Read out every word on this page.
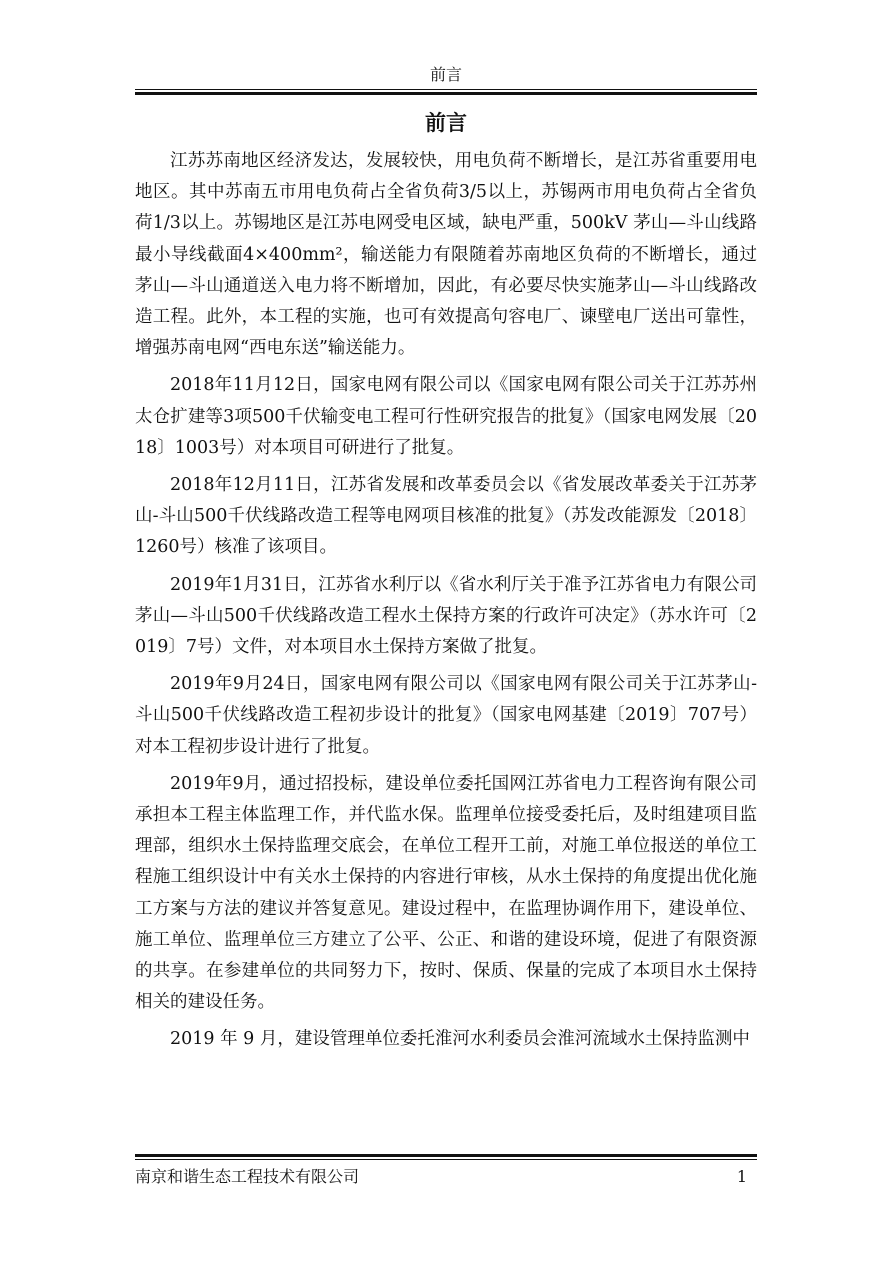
前言
前言

江苏苏南地区经济发达，发展较快，用电负荷不断增长，是江苏省重要用电地区。其中苏南五市用电负荷占全省负荷3/5以上，苏锡两市用电负荷占全省负荷1/3以上。苏锡地区是江苏电网受电区域，缺电严重，500kV 茅山—斗山线路最小导线截面4×400mm²，输送能力有限随着苏南地区负荷的不断增长，通过茅山—斗山通道送入电力将不断增加，因此，有必要尽快实施茅山—斗山线路改造工程。此外，本工程的实施，也可有效提高句容电厂、谏壁电厂送出可靠性，增强苏南电网“西电东送”输送能力。

2018年11月12日，国家电网有限公司以《国家电网有限公司关于江苏苏州太仓扩建等3项500千伏输变电工程可行性研究报告的批复》（国家电网发展〔2018〕1003号）对本项目可研进行了批复。

2018年12月11日，江苏省发展和改革委员会以《省发展改革委关于江苏茅山-斗山500千伏线路改造工程等电网项目核准的批复》（苏发改能源发〔2018〕1260号）核准了该项目。

2019年1月31日，江苏省水利厅以《省水利厅关于准予江苏省电力有限公司茅山—斗山500千伏线路改造工程水土保持方案的行政许可决定》（苏水许可〔2019〕7号）文件，对本项目水土保持方案做了批复。

2019年9月24日，国家电网有限公司以《国家电网有限公司关于江苏茅山-斗山500千伏线路改造工程初步设计的批复》（国家电网基建〔2019〕707号）对本工程初步设计进行了批复。

2019年9月，通过招投标，建设单位委托国网江苏省电力工程咨询有限公司承担本工程主体监理工作，并代监水保。监理单位接受委托后，及时组建项目监理部，组织水土保持监理交底会，在单位工程开工前，对施工单位报送的单位工程施工组织设计中有关水土保持的内容进行审核，从水土保持的角度提出优化施工方案与方法的建议并答复意见。建设过程中，在监理协调作用下，建设单位、施工单位、监理单位三方建立了公平、公正、和谐的建设环境，促进了有限资源的共享。在参建单位的共同努力下，按时、保质、保量的完成了本项目水土保持相关的建设任务。

2019 年 9 月，建设管理单位委托淮河水利委员会淮河流域水土保持监测中

南京和谐生态工程技术有限公司	1
